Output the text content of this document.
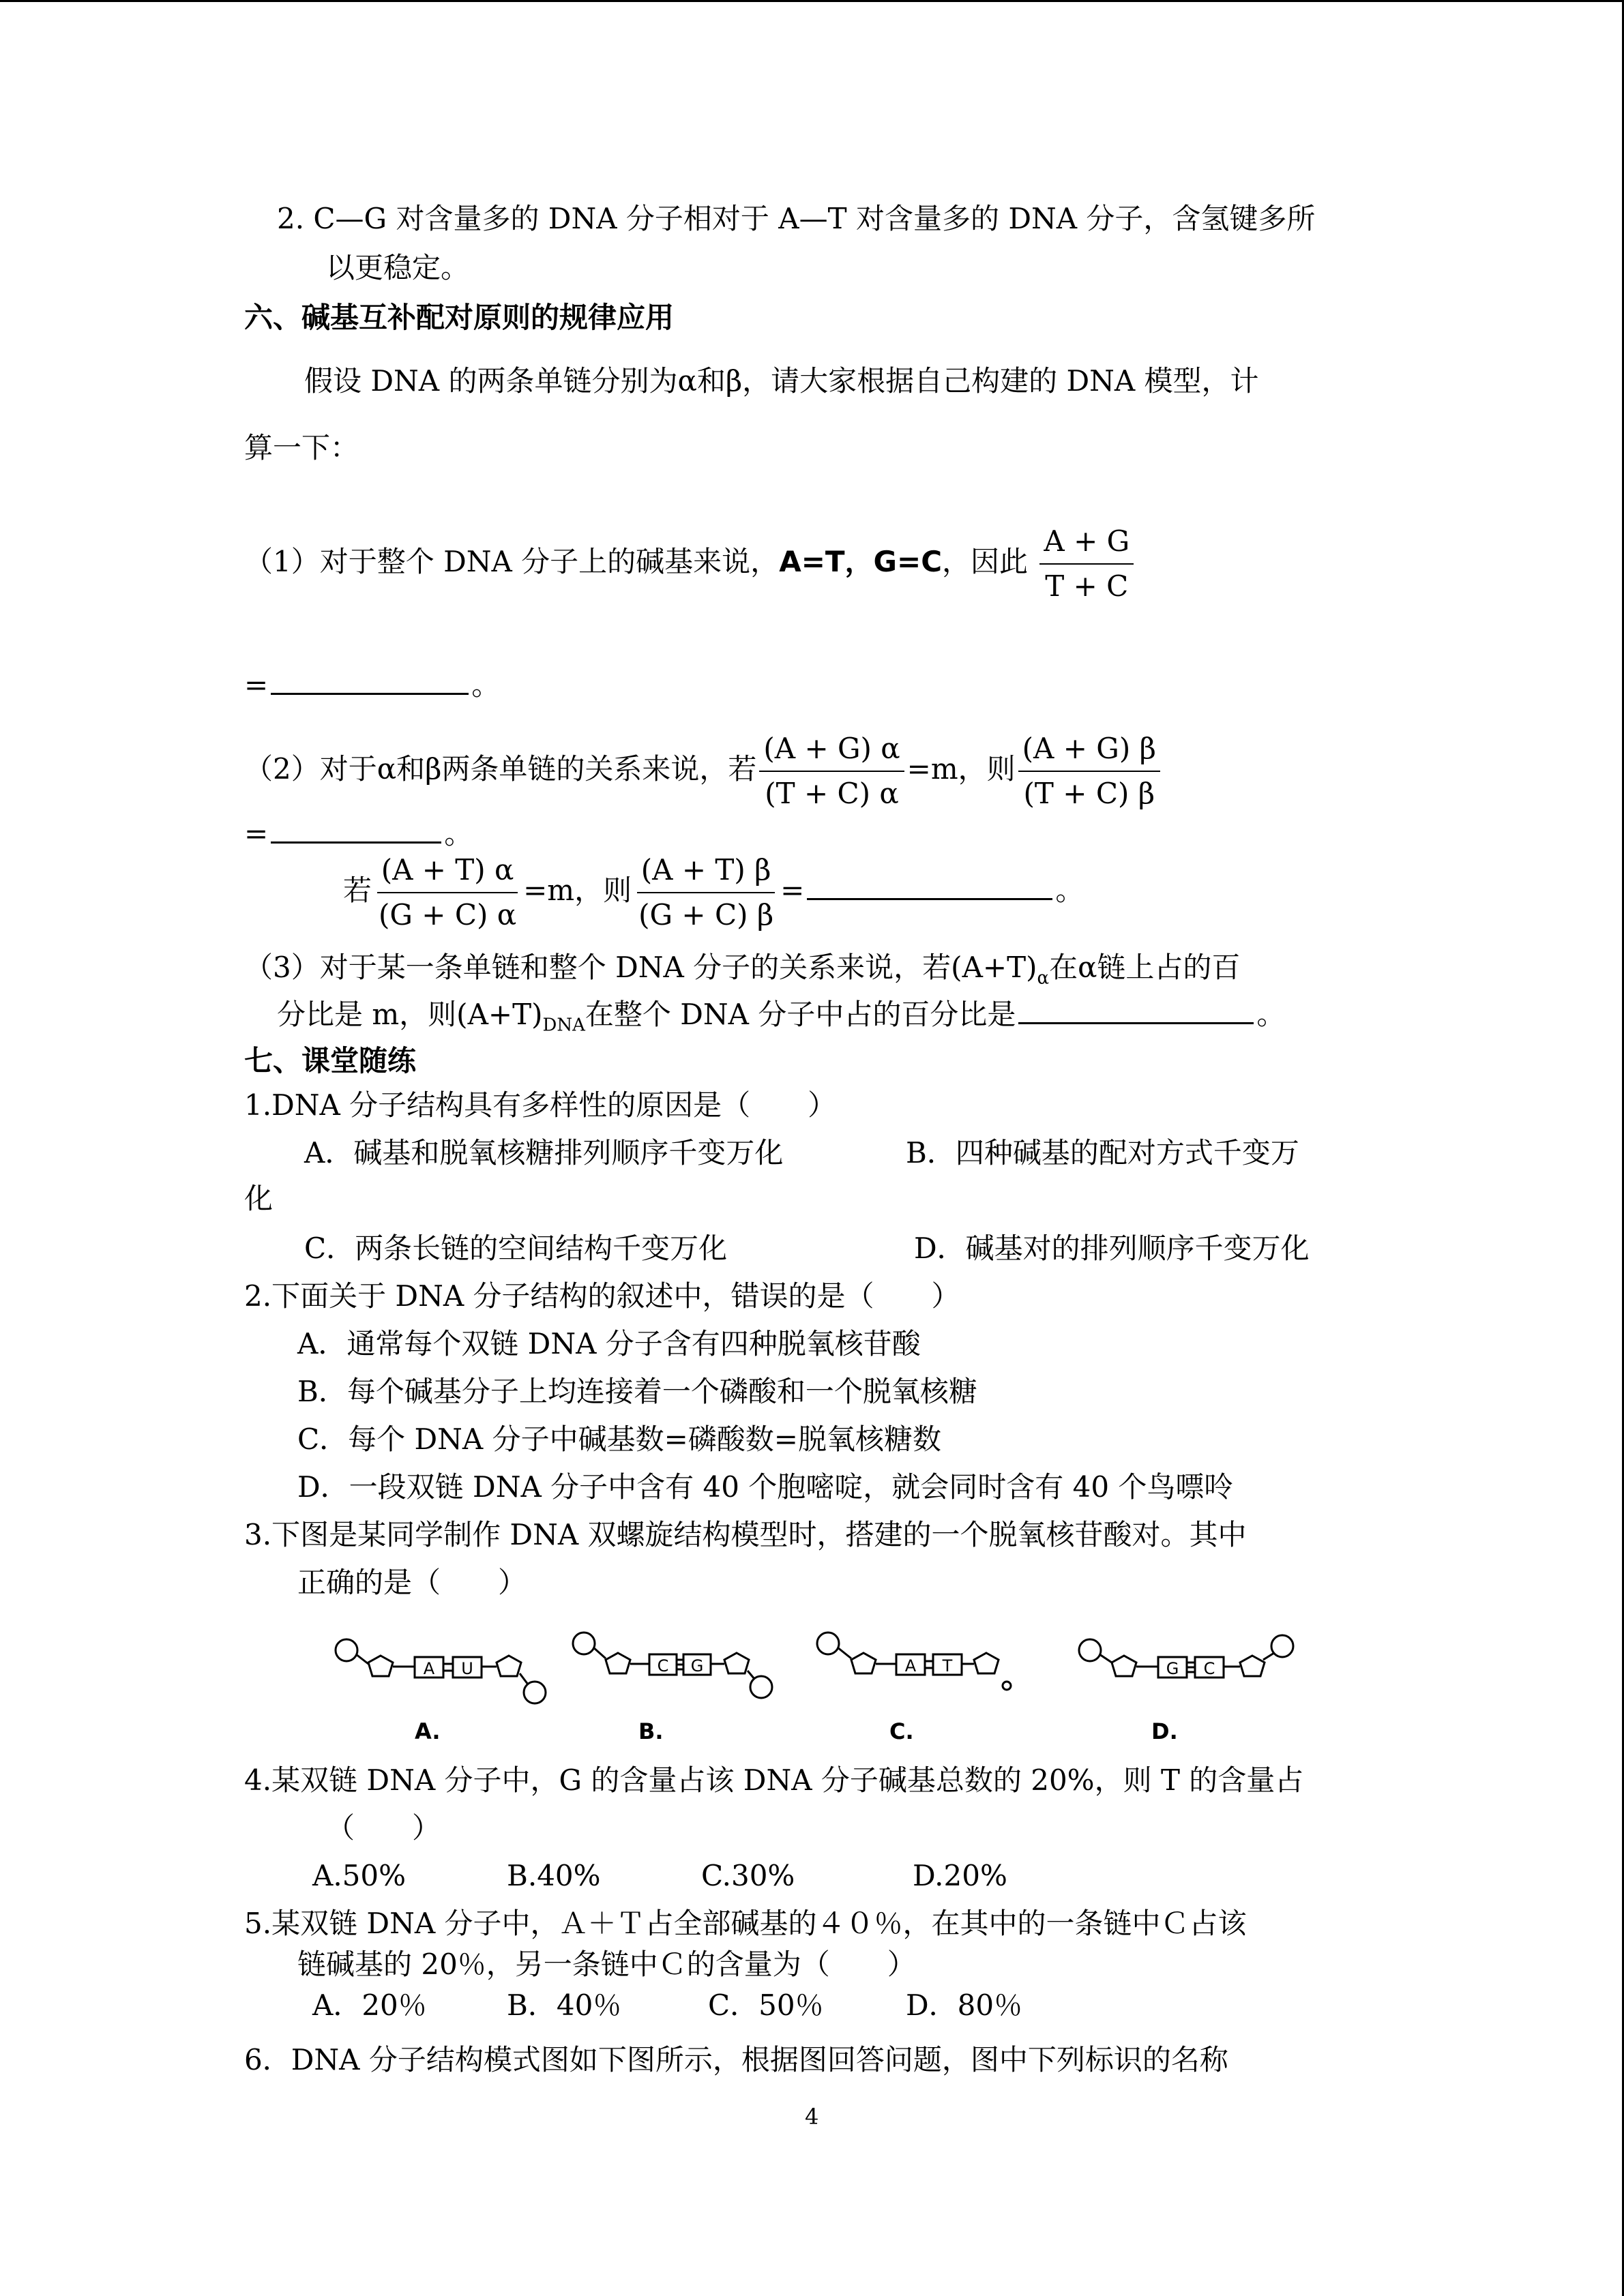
2. C—G 对含量多的 DNA 分子相对于 A—T 对含量多的 DNA 分子，含氢键多所
以更稳定。
六、碱基互补配对原则的规律应用
假设 DNA 的两条单链分别为α和β，请大家根据自己构建的 DNA 模型，计
算一下：
（1）对于整个 DNA 分子上的碱基来说，A=T，G=C，因此 $\frac{A + G}{T + C}$
=	。
（2）对于α和β两条单链的关系来说，若 $\frac{(A + G) \alpha}{(T + C) \alpha} =m$，则 $\frac{(A + G) \beta}{(T + C) \beta}$
=	。
若 $\frac{(A + T) \alpha}{(G + C) \alpha} =m$，则 $\frac{(A + T) \beta}{(G + C) \beta}$ =	。
（3）对于某一条单链和整个 DNA 分子的关系来说，若$(A+T)_\alpha$在α链上占的百
分比是 m，则$(A+T)_{DNA}$在整个 DNA 分子中占的百分比是	。
七、课堂随练
1.DNA 分子结构具有多样性的原因是（　　）
A．碱基和脱氧核糖排列顺序千变万化	B．四种碱基的配对方式千变万
化
C．两条长链的空间结构千变万化	D．碱基对的排列顺序千变万化
2.下面关于 DNA 分子结构的叙述中，错误的是（　　）
A．通常每个双链 DNA 分子含有四种脱氧核苷酸
B．每个碱基分子上均连接着一个磷酸和一个脱氧核糖
C．每个 DNA 分子中碱基数=磷酸数=脱氧核糖数
D．一段双链 DNA 分子中含有 40 个胞嘧啶，就会同时含有 40 个鸟嘌呤
3.下图是某同学制作 DNA 双螺旋结构模型时，搭建的一个脱氧核苷酸对。其中
正确的是（　　）
A U
A.
C G
B.
A T
C.
G C
D.
4.某双链 DNA 分子中，G 的含量占该 DNA 分子碱基总数的 20%，则 T 的含量占
（　　）
A.50%	B.40%	C.30%	D.20%
5.某双链 DNA 分子中，Ａ＋Ｔ占全部碱基的４０％，在其中的一条链中Ｃ占该
链碱基的 20％，另一条链中Ｃ的含量为（　　）
A．20％	B．40％	C．50％	D．80％
6．DNA 分子结构模式图如下图所示，根据图回答问题，图中下列标识的名称
4
